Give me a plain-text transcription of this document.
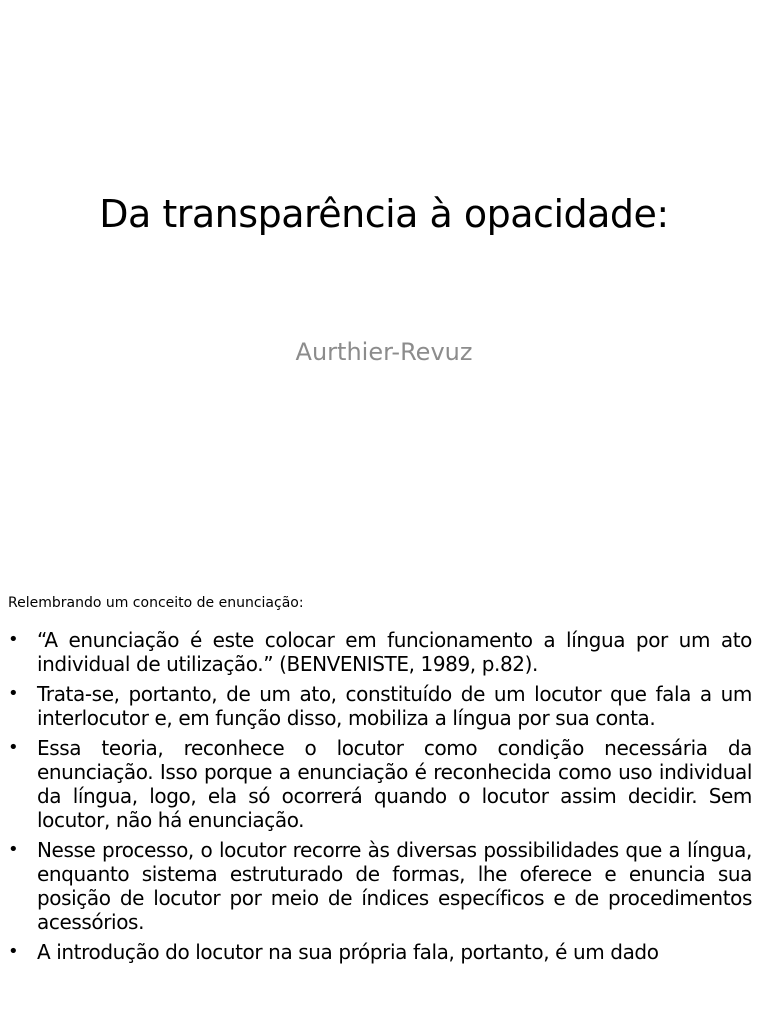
Da transparência à opacidade:

Aurthier-Revuz

Relembrando um conceito de enunciação:

• “A enunciação é este colocar em funcionamento a língua por um ato individual de utilização.” (BENVENISTE, 1989, p.82).
• Trata-se, portanto, de um ato, constituído de um locutor que fala a um interlocutor e, em função disso, mobiliza a língua por sua conta.
• Essa teoria, reconhece o locutor como condição necessária da enunciação. Isso porque a enunciação é reconhecida como uso individual da língua, logo, ela só ocorrerá quando o locutor assim decidir. Sem locutor, não há enunciação.
• Nesse processo, o locutor recorre às diversas possibilidades que a língua, enquanto sistema estruturado de formas, lhe oferece e enuncia sua posição de locutor por meio de índices específicos e de procedimentos acessórios.
• A introdução do locutor na sua própria fala, portanto, é um dado
